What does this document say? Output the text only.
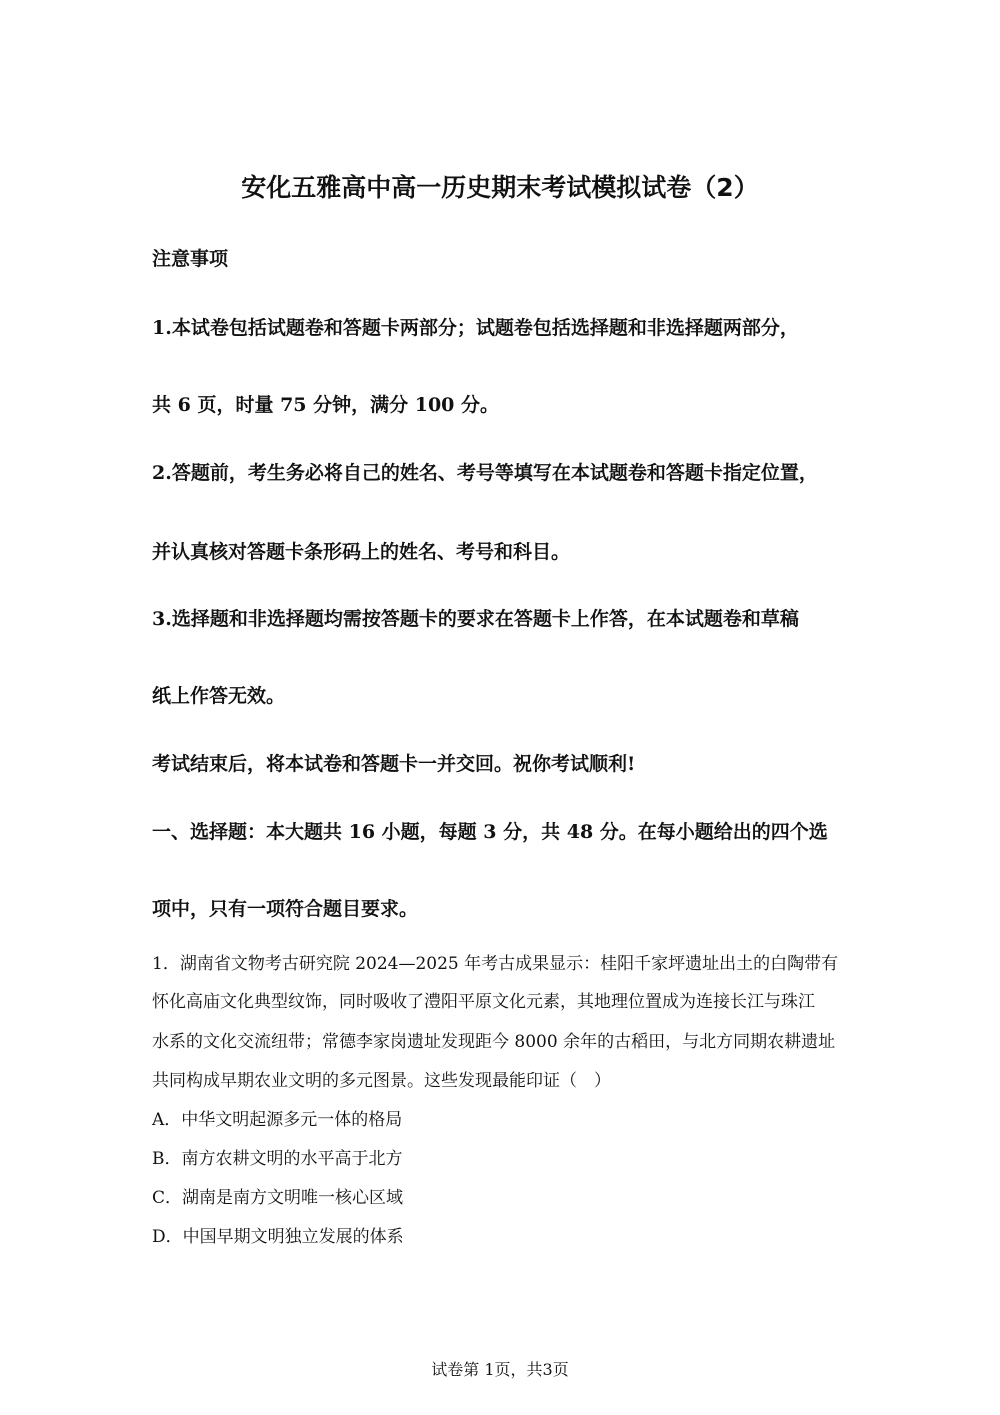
安化五雅高中高一历史期末考试模拟试卷（2）
注意事项
1.本试卷包括试题卷和答题卡两部分；试题卷包括选择题和非选择题两部分，
共 6 页，时量 75 分钟，满分 100 分。
2.答题前，考生务必将自己的姓名、考号等填写在本试题卷和答题卡指定位置，
并认真核对答题卡条形码上的姓名、考号和科目。
3.选择题和非选择题均需按答题卡的要求在答题卡上作答，在本试题卷和草稿
纸上作答无效。
考试结束后，将本试卷和答题卡一并交回。祝你考试顺利!
一、选择题：本大题共 16 小题，每题 3 分，共 48 分。在每小题给出的四个选
项中，只有一项符合题目要求。
1．湖南省文物考古研究院 2024—2025 年考古成果显示：桂阳千家坪遗址出土的白陶带有
怀化高庙文化典型纹饰，同时吸收了澧阳平原文化元素，其地理位置成为连接长江与珠江
水系的文化交流纽带；常德李家岗遗址发现距今 8000 余年的古稻田，与北方同期农耕遗址
共同构成早期农业文明的多元图景。这些发现最能印证（　）
A．中华文明起源多元一体的格局
B．南方农耕文明的水平高于北方
C．湖南是南方文明唯一核心区域
D．中国早期文明独立发展的体系
试卷第 1页，共3页
